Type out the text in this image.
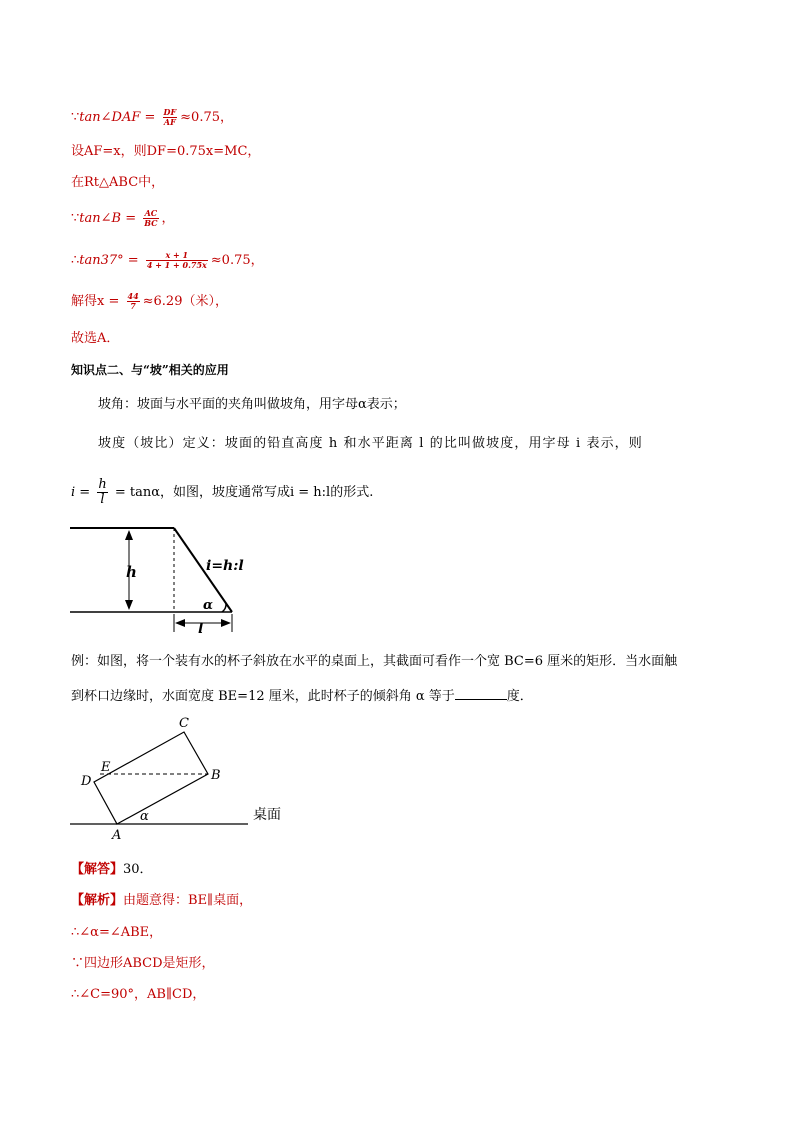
∵tan∠DAF = $\frac{DF}{AF} \approx 0.75$，
设AF=x，则DF=0.75x=MC，
在Rt△ABC中，
∵tan∠B = $\frac{AC}{BC}$ ，
∴tan37° = $\frac{x + 1}{4 + 1 + 0.75x} \approx 0.75$，
解得$x = \frac{44}{7} \approx 6.29$（米），
故选A．
知识点二、与“坡”相关的应用
坡角：坡面与水平面的夹角叫做坡角，用字母α表示；
坡度（坡比）定义：坡面的铅直高度 h 和水平距离 l 的比叫做坡度，用字母 i 表示，则
$i = \frac{h}{l} = \tan\alpha$，如图，坡度通常写成i = h:l的形式.
h	i=h:l
α
l
例：如图，将一个装有水的杯子斜放在水平的桌面上，其截面可看作一个宽 BC=6 厘米的矩形．当水面触
到杯口边缘时，水面宽度 BE=12 厘米，此时杯子的倾斜角 α 等于	度．
C
E
D	B
A
α	桌面
【解答】30．
【解析】由题意得：BE∥桌面，
∴∠α=∠ABE，
∵四边形ABCD是矩形，
∴∠C=90°，AB∥CD，
